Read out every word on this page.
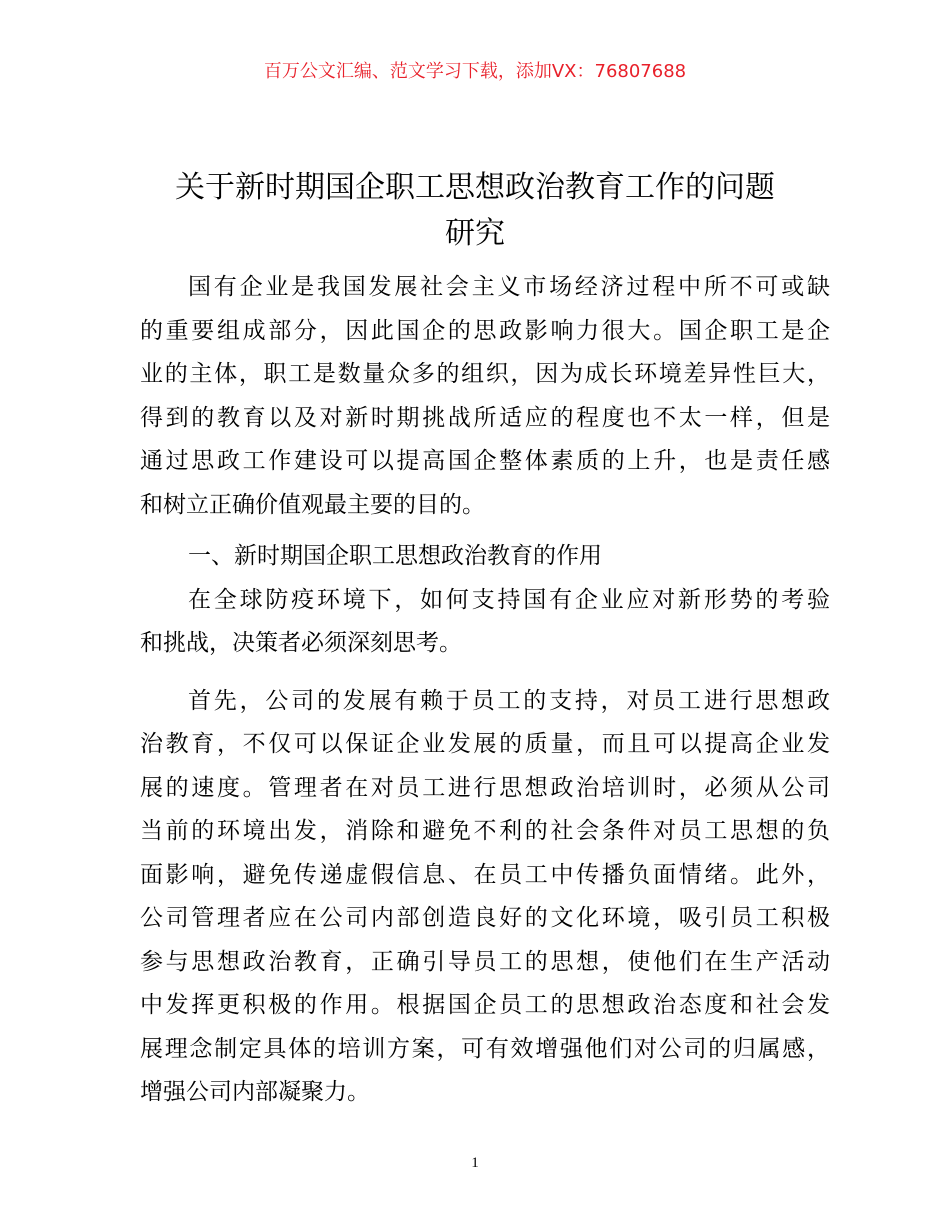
百万公文汇编、范文学习下载，添加VX：76807688
关于新时期国企职工思想政治教育工作的问题
研究
国有企业是我国发展社会主义市场经济过程中所不可或缺
的重要组成部分，因此国企的思政影响力很大。国企职工是企
业的主体，职工是数量众多的组织，因为成长环境差异性巨大，
得到的教育以及对新时期挑战所适应的程度也不太一样，但是
通过思政工作建设可以提高国企整体素质的上升，也是责任感
和树立正确价值观最主要的目的。
一、新时期国企职工思想政治教育的作用
在全球防疫环境下，如何支持国有企业应对新形势的考验
和挑战，决策者必须深刻思考。
首先，公司的发展有赖于员工的支持，对员工进行思想政
治教育，不仅可以保证企业发展的质量，而且可以提高企业发
展的速度。管理者在对员工进行思想政治培训时，必须从公司
当前的环境出发，消除和避免不利的社会条件对员工思想的负
面影响，避免传递虚假信息、在员工中传播负面情绪。此外，
公司管理者应在公司内部创造良好的文化环境，吸引员工积极
参与思想政治教育，正确引导员工的思想，使他们在生产活动
中发挥更积极的作用。根据国企员工的思想政治态度和社会发
展理念制定具体的培训方案，可有效增强他们对公司的归属感，
增强公司内部凝聚力。
1
